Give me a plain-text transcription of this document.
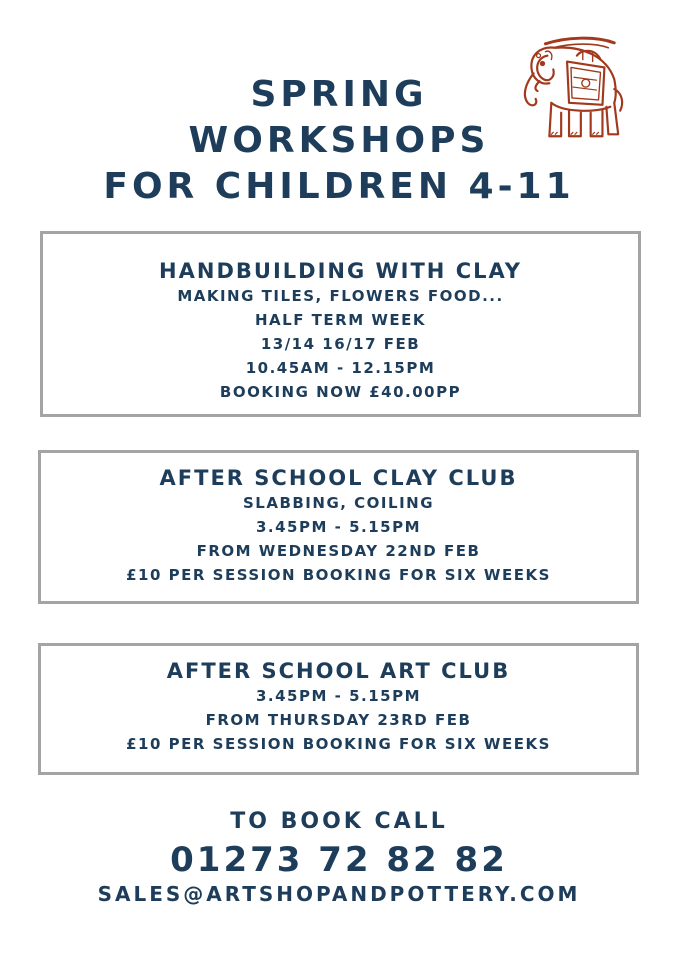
SPRING
WORKSHOPS
FOR CHILDREN 4-11
HANDBUILDING WITH CLAY
MAKING TILES, FLOWERS FOOD...
HALF TERM WEEK
13/14 16/17 FEB
10.45AM - 12.15PM
BOOKING NOW £40.00PP
AFTER SCHOOL CLAY CLUB
SLABBING, COILING
3.45PM - 5.15PM
FROM WEDNESDAY 22ND FEB
£10 PER SESSION BOOKING FOR SIX WEEKS
AFTER SCHOOL ART CLUB
3.45PM - 5.15PM
FROM THURSDAY 23RD FEB
£10 PER SESSION BOOKING FOR SIX WEEKS
TO BOOK CALL
01273 72 82 82
SALES@ARTSHOPANDPOTTERY.COM
